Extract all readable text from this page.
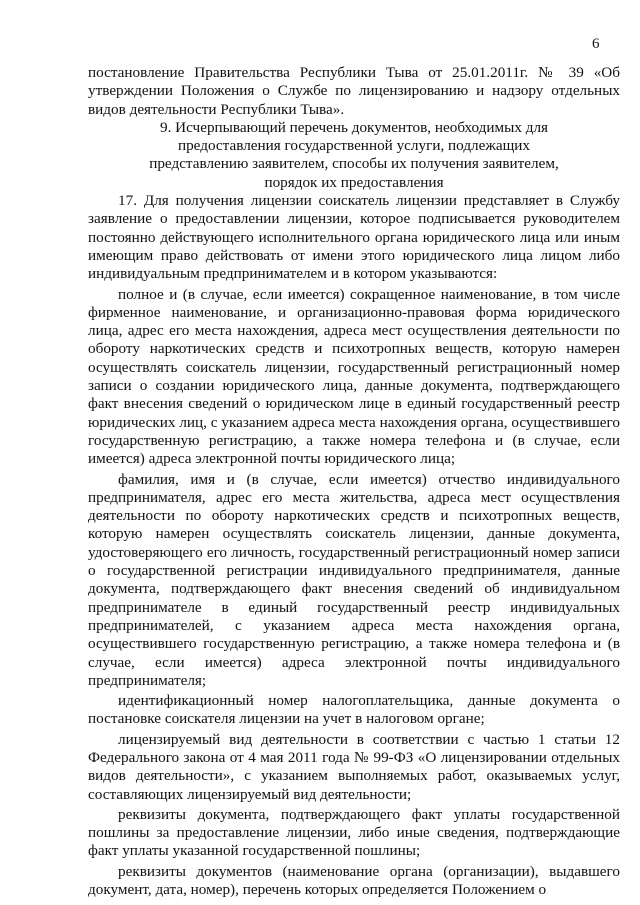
6

постановление Правительства Республики Тыва от 25.01.2011г. № 39 «Об утверждении Положения о Службе по лицензированию и надзору отдельных видов деятельности Республики Тыва».

9. Исчерпывающий перечень документов, необходимых для предоставления государственной услуги, подлежащих представлению заявителем, способы их получения заявителем, порядок их предоставления

17. Для получения лицензии соискатель лицензии представляет в Службу заявление о предоставлении лицензии, которое подписывается руководителем постоянно действующего исполнительного органа юридического лица или иным имеющим право действовать от имени этого юридического лица лицом либо индивидуальным предпринимателем и в котором указываются:

полное и (в случае, если имеется) сокращенное наименование, в том числе фирменное наименование, и организационно-правовая форма юридического лица, адрес его места нахождения, адреса мест осуществления деятельности по обороту наркотических средств и психотропных веществ, которую намерен осуществлять соискатель лицензии, государственный регистрационный номер записи о создании юридического лица, данные документа, подтверждающего факт внесения сведений о юридическом лице в единый государственный реестр юридических лиц, с указанием адреса места нахождения органа, осуществившего государственную регистрацию, а также номера телефона и (в случае, если имеется) адреса электронной почты юридического лица;

фамилия, имя и (в случае, если имеется) отчество индивидуального предпринимателя, адрес его места жительства, адреса мест осуществления деятельности по обороту наркотических средств и психотропных веществ, которую намерен осуществлять соискатель лицензии, данные документа, удостоверяющего его личность, государственный регистрационный номер записи о государственной регистрации индивидуального предпринимателя, данные документа, подтверждающего факт внесения сведений об индивидуальном предпринимателе в единый государственный реестр индивидуальных предпринимателей, с указанием адреса места нахождения органа, осуществившего государственную регистрацию, а также номера телефона и (в случае, если имеется) адреса электронной почты индивидуального предпринимателя;

идентификационный номер налогоплательщика, данные документа о постановке соискателя лицензии на учет в налоговом органе;

лицензируемый вид деятельности в соответствии с частью 1 статьи 12 Федерального закона от 4 мая 2011 года № 99-ФЗ «О лицензировании отдельных видов деятельности», с указанием выполняемых работ, оказываемых услуг, составляющих лицензируемый вид деятельности;

реквизиты документа, подтверждающего факт уплаты государственной пошлины за предоставление лицензии, либо иные сведения, подтверждающие факт уплаты указанной государственной пошлины;

реквизиты документов (наименование органа (организации), выдавшего документ, дата, номер), перечень которых определяется Положением о
